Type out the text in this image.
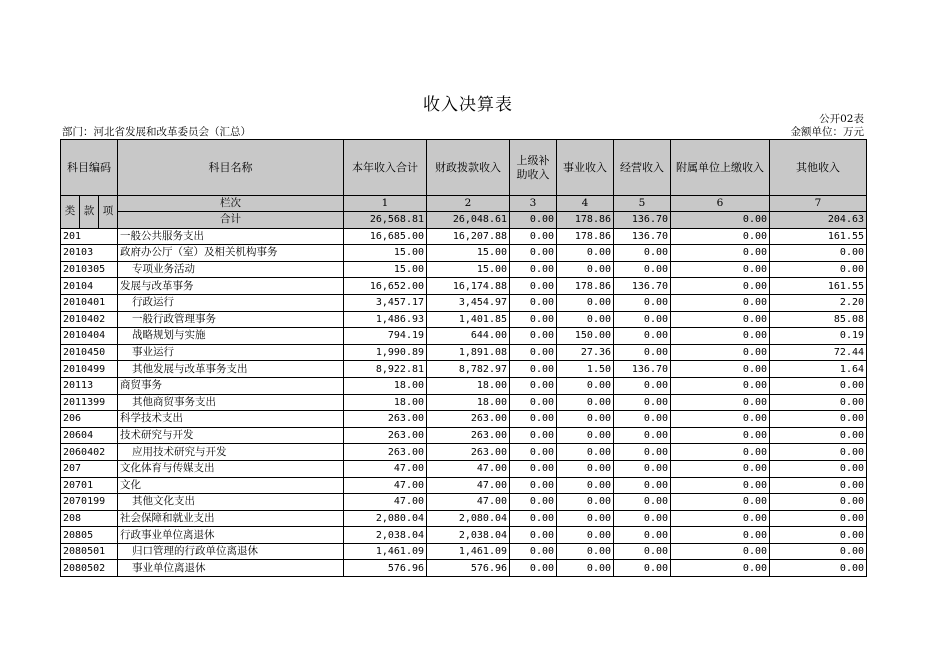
收入决算表
公开02表
部门：河北省发展和改革委员会（汇总）	金额单位：万元
科目编码			科目名称	本年收入合计	财政拨款收入	上级补助收入	事业收入	经营收入	附属单位上缴收入	其他收入
类	款	项	栏次	1	2	3	4	5	6	7
			合计	26,568.81	26,048.61	0.00	178.86	136.70	0.00	204.63
201			一般公共服务支出	16,685.00	16,207.88	0.00	178.86	136.70	0.00	161.55
20103			政府办公厅（室）及相关机构事务	15.00	15.00	0.00	0.00	0.00	0.00	0.00
2010305			专项业务活动	15.00	15.00	0.00	0.00	0.00	0.00	0.00
20104			发展与改革事务	16,652.00	16,174.88	0.00	178.86	136.70	0.00	161.55
2010401			行政运行	3,457.17	3,454.97	0.00	0.00	0.00	0.00	2.20
2010402			一般行政管理事务	1,486.93	1,401.85	0.00	0.00	0.00	0.00	85.08
2010404			战略规划与实施	794.19	644.00	0.00	150.00	0.00	0.00	0.19
2010450			事业运行	1,990.89	1,891.08	0.00	27.36	0.00	0.00	72.44
2010499			其他发展与改革事务支出	8,922.81	8,782.97	0.00	1.50	136.70	0.00	1.64
20113			商贸事务	18.00	18.00	0.00	0.00	0.00	0.00	0.00
2011399			其他商贸事务支出	18.00	18.00	0.00	0.00	0.00	0.00	0.00
206			科学技术支出	263.00	263.00	0.00	0.00	0.00	0.00	0.00
20604			技术研究与开发	263.00	263.00	0.00	0.00	0.00	0.00	0.00
2060402			应用技术研究与开发	263.00	263.00	0.00	0.00	0.00	0.00	0.00
207			文化体育与传媒支出	47.00	47.00	0.00	0.00	0.00	0.00	0.00
20701			文化	47.00	47.00	0.00	0.00	0.00	0.00	0.00
2070199			其他文化支出	47.00	47.00	0.00	0.00	0.00	0.00	0.00
208			社会保障和就业支出	2,080.04	2,080.04	0.00	0.00	0.00	0.00	0.00
20805			行政事业单位离退休	2,038.04	2,038.04	0.00	0.00	0.00	0.00	0.00
2080501			归口管理的行政单位离退休	1,461.09	1,461.09	0.00	0.00	0.00	0.00	0.00
2080502			事业单位离退休	576.96	576.96	0.00	0.00	0.00	0.00	0.00
